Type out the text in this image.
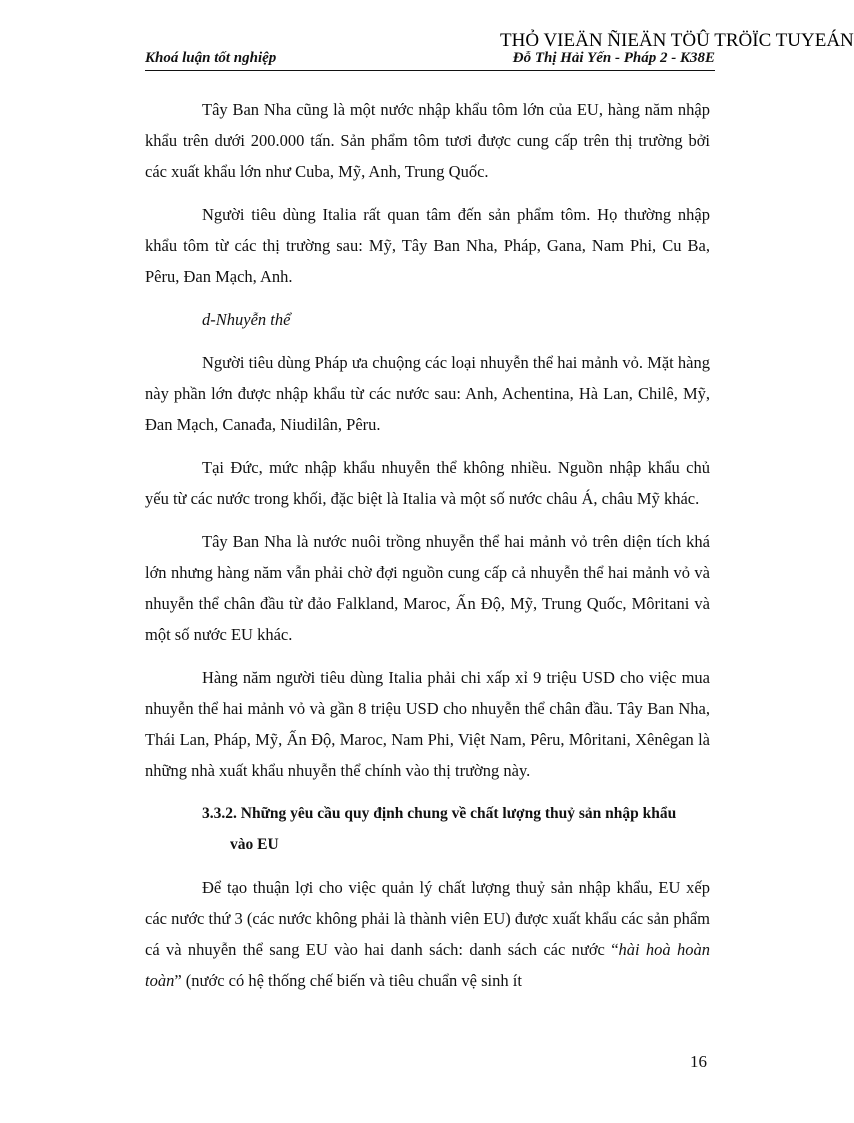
THỎ VIEÄN ÑIEÄN TÖÛ TRÖÏC TUYEÁN
Khoá luận tốt nghiệp	Đỗ Thị Hải Yến - Pháp 2 - K38E

Tây Ban Nha cũng là một nước nhập khẩu tôm lớn của EU, hàng năm nhập khẩu trên dưới 200.000 tấn. Sản phẩm tôm tươi được cung cấp trên thị trường bởi các xuất khẩu lớn như Cuba, Mỹ, Anh, Trung Quốc.

Người tiêu dùng Italia rất quan tâm đến sản phẩm tôm. Họ thường nhập khẩu tôm từ các thị trường sau: Mỹ, Tây Ban Nha, Pháp, Gana, Nam Phi, Cu Ba, Pêru, Đan Mạch, Anh.

d-Nhuyễn thể

Người tiêu dùng Pháp ưa chuộng các loại nhuyễn thể hai mảnh vỏ. Mặt hàng này phần lớn được nhập khẩu từ các nước sau: Anh, Achentina, Hà Lan, Chilê, Mỹ, Đan Mạch, Canađa, Niudilân, Pêru.

Tại Đức, mức nhập khẩu nhuyễn thể không nhiều. Nguồn nhập khẩu chủ yếu từ các nước trong khối, đặc biệt là Italia và một số nước châu Á, châu Mỹ khác.

Tây Ban Nha là nước nuôi trồng nhuyễn thể hai mảnh vỏ trên diện tích khá lớn nhưng hàng năm vẫn phải chờ đợi nguồn cung cấp cả nhuyễn thể hai mảnh vỏ và nhuyễn thể chân đầu từ đảo Falkland, Maroc, Ấn Độ, Mỹ, Trung Quốc, Môritani và một số nước EU khác.

Hàng năm người tiêu dùng Italia phải chi xấp xỉ 9 triệu USD cho việc mua nhuyễn thể hai mảnh vỏ và gần 8 triệu USD cho nhuyễn thể chân đầu. Tây Ban Nha, Thái Lan, Pháp, Mỹ, Ấn Độ, Maroc, Nam Phi, Việt Nam, Pêru, Môritani, Xênêgan là những nhà xuất khẩu nhuyễn thể chính vào thị trường này.

3.3.2. Những yêu cầu quy định chung về chất lượng thuỷ sản nhập khẩu
vào EU

Để tạo thuận lợi cho việc quản lý chất lượng thuỷ sản nhập khẩu, EU xếp các nước thứ 3 (các nước không phải là thành viên EU) được xuất khẩu các sản phẩm cá và nhuyễn thể sang EU vào hai danh sách: danh sách các nước “hài hoà hoàn toàn” (nước có hệ thống chế biến và tiêu chuẩn vệ sinh ít

16
